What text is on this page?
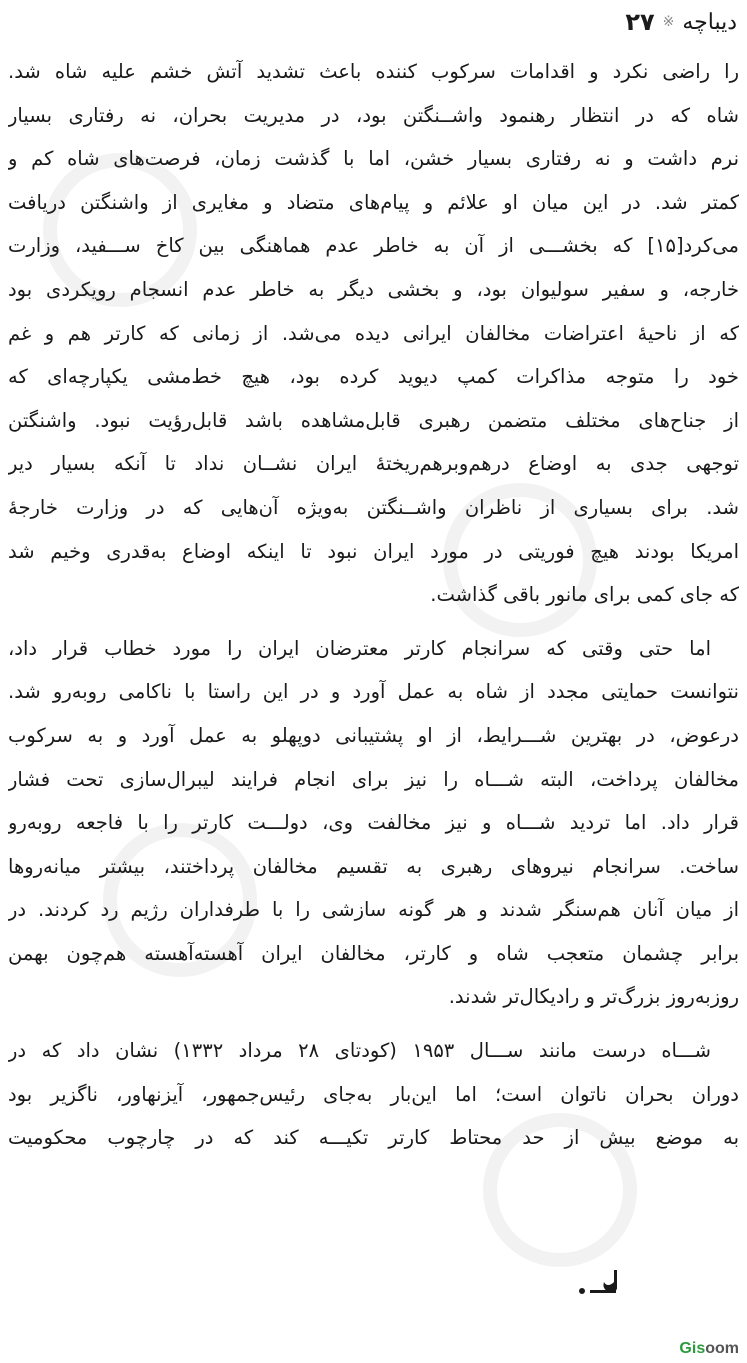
دیباچه
※
۲۷
را راضی نکرد و اقدامات سرکوب کننده باعث تشدید آتش خشم علیه شاه شد.
شاه که در انتظار رهنمود واشــنگتن بود، در مدیریت بحران، نه رفتاری بسیار
نرم داشت و نه رفتاری بسیار خشن، اما با گذشت زمان، فرصت‌های شاه کم و
کمتر شد. در این میان او علائم و پیام‌های متضاد و مغایری از واشنگتن دریافت
می‌کرد[۱۵] که بخشـــی از آن به خاطر عدم هماهنگی بین کاخ ســـفید، وزارت
خارجه، و سفیر سولیوان بود، و بخشی دیگر به خاطر عدم انسجام رویکردی بود
که از ناحیهٔ اعتراضات مخالفان ایرانی دیده می‌شد. از زمانی که کارتر هم و غم
خود را متوجه مذاکرات کمپ دیوید کرده بود، هیچ خط‌مشی یکپارچه‌ای که
از جناح‌های مختلف متضمن رهبری قابل‌مشاهده باشد قابل‌رؤیت نبود. واشنگتن
توجهی جدی به اوضاع درهم‌وبرهم‌ریختهٔ ایران نشــان نداد تا آنکه بسیار دیر
شد. برای بسیاری از ناظران واشــنگتن به‌ویژه آن‌هایی که در وزارت خارجهٔ
امریکا بودند هیچ فوریتی در مورد ایران نبود تا اینکه اوضاع به‌قدری وخیم شد
که جای کمی برای مانور باقی گذاشت.
اما حتی وقتی که سرانجام کارتر معترضان ایران را مورد خطاب قرار داد،
نتوانست حمایتی مجدد از شاه به عمل آورد و در این راستا با ناکامی روبه‌رو شد.
درعوض، در بهترین شـــرایط، از او پشتیبانی دوپهلو به عمل آورد و به سرکوب
مخالفان پرداخت، البته شـــاه را نیز برای انجام فرایند لیبرال‌سازی تحت فشار
قرار داد. اما تردید شـــاه و نیز مخالفت وی، دولـــت کارتر را با فاجعه روبه‌رو
ساخت. سرانجام نیروهای رهبری به تقسیم مخالفان پرداختند، بیشتر میانه‌روها
از میان آنان هم‌سنگر شدند و هر گونه سازشی را با طرفداران رژیم رد کردند. در
برابر چشمان متعجب شاه و کارتر، مخالفان ایران آهسته‌آهسته هم‌چون بهمن
روزبه‌روز بزرگ‌تر و رادیکال‌تر شدند.
شـــاه درست مانند ســـال ۱۹۵۳ (کودتای ۲۸ مرداد ۱۳۳۲) نشان داد که در
دوران بحران ناتوان است؛ اما این‌بار به‌جای رئیس‌جمهور، آیزنهاور، ناگزیر بود
به موضع بیش از حد محتاط کارتر تکیـــه کند که در چارچوب محکومیت
Gis oom
